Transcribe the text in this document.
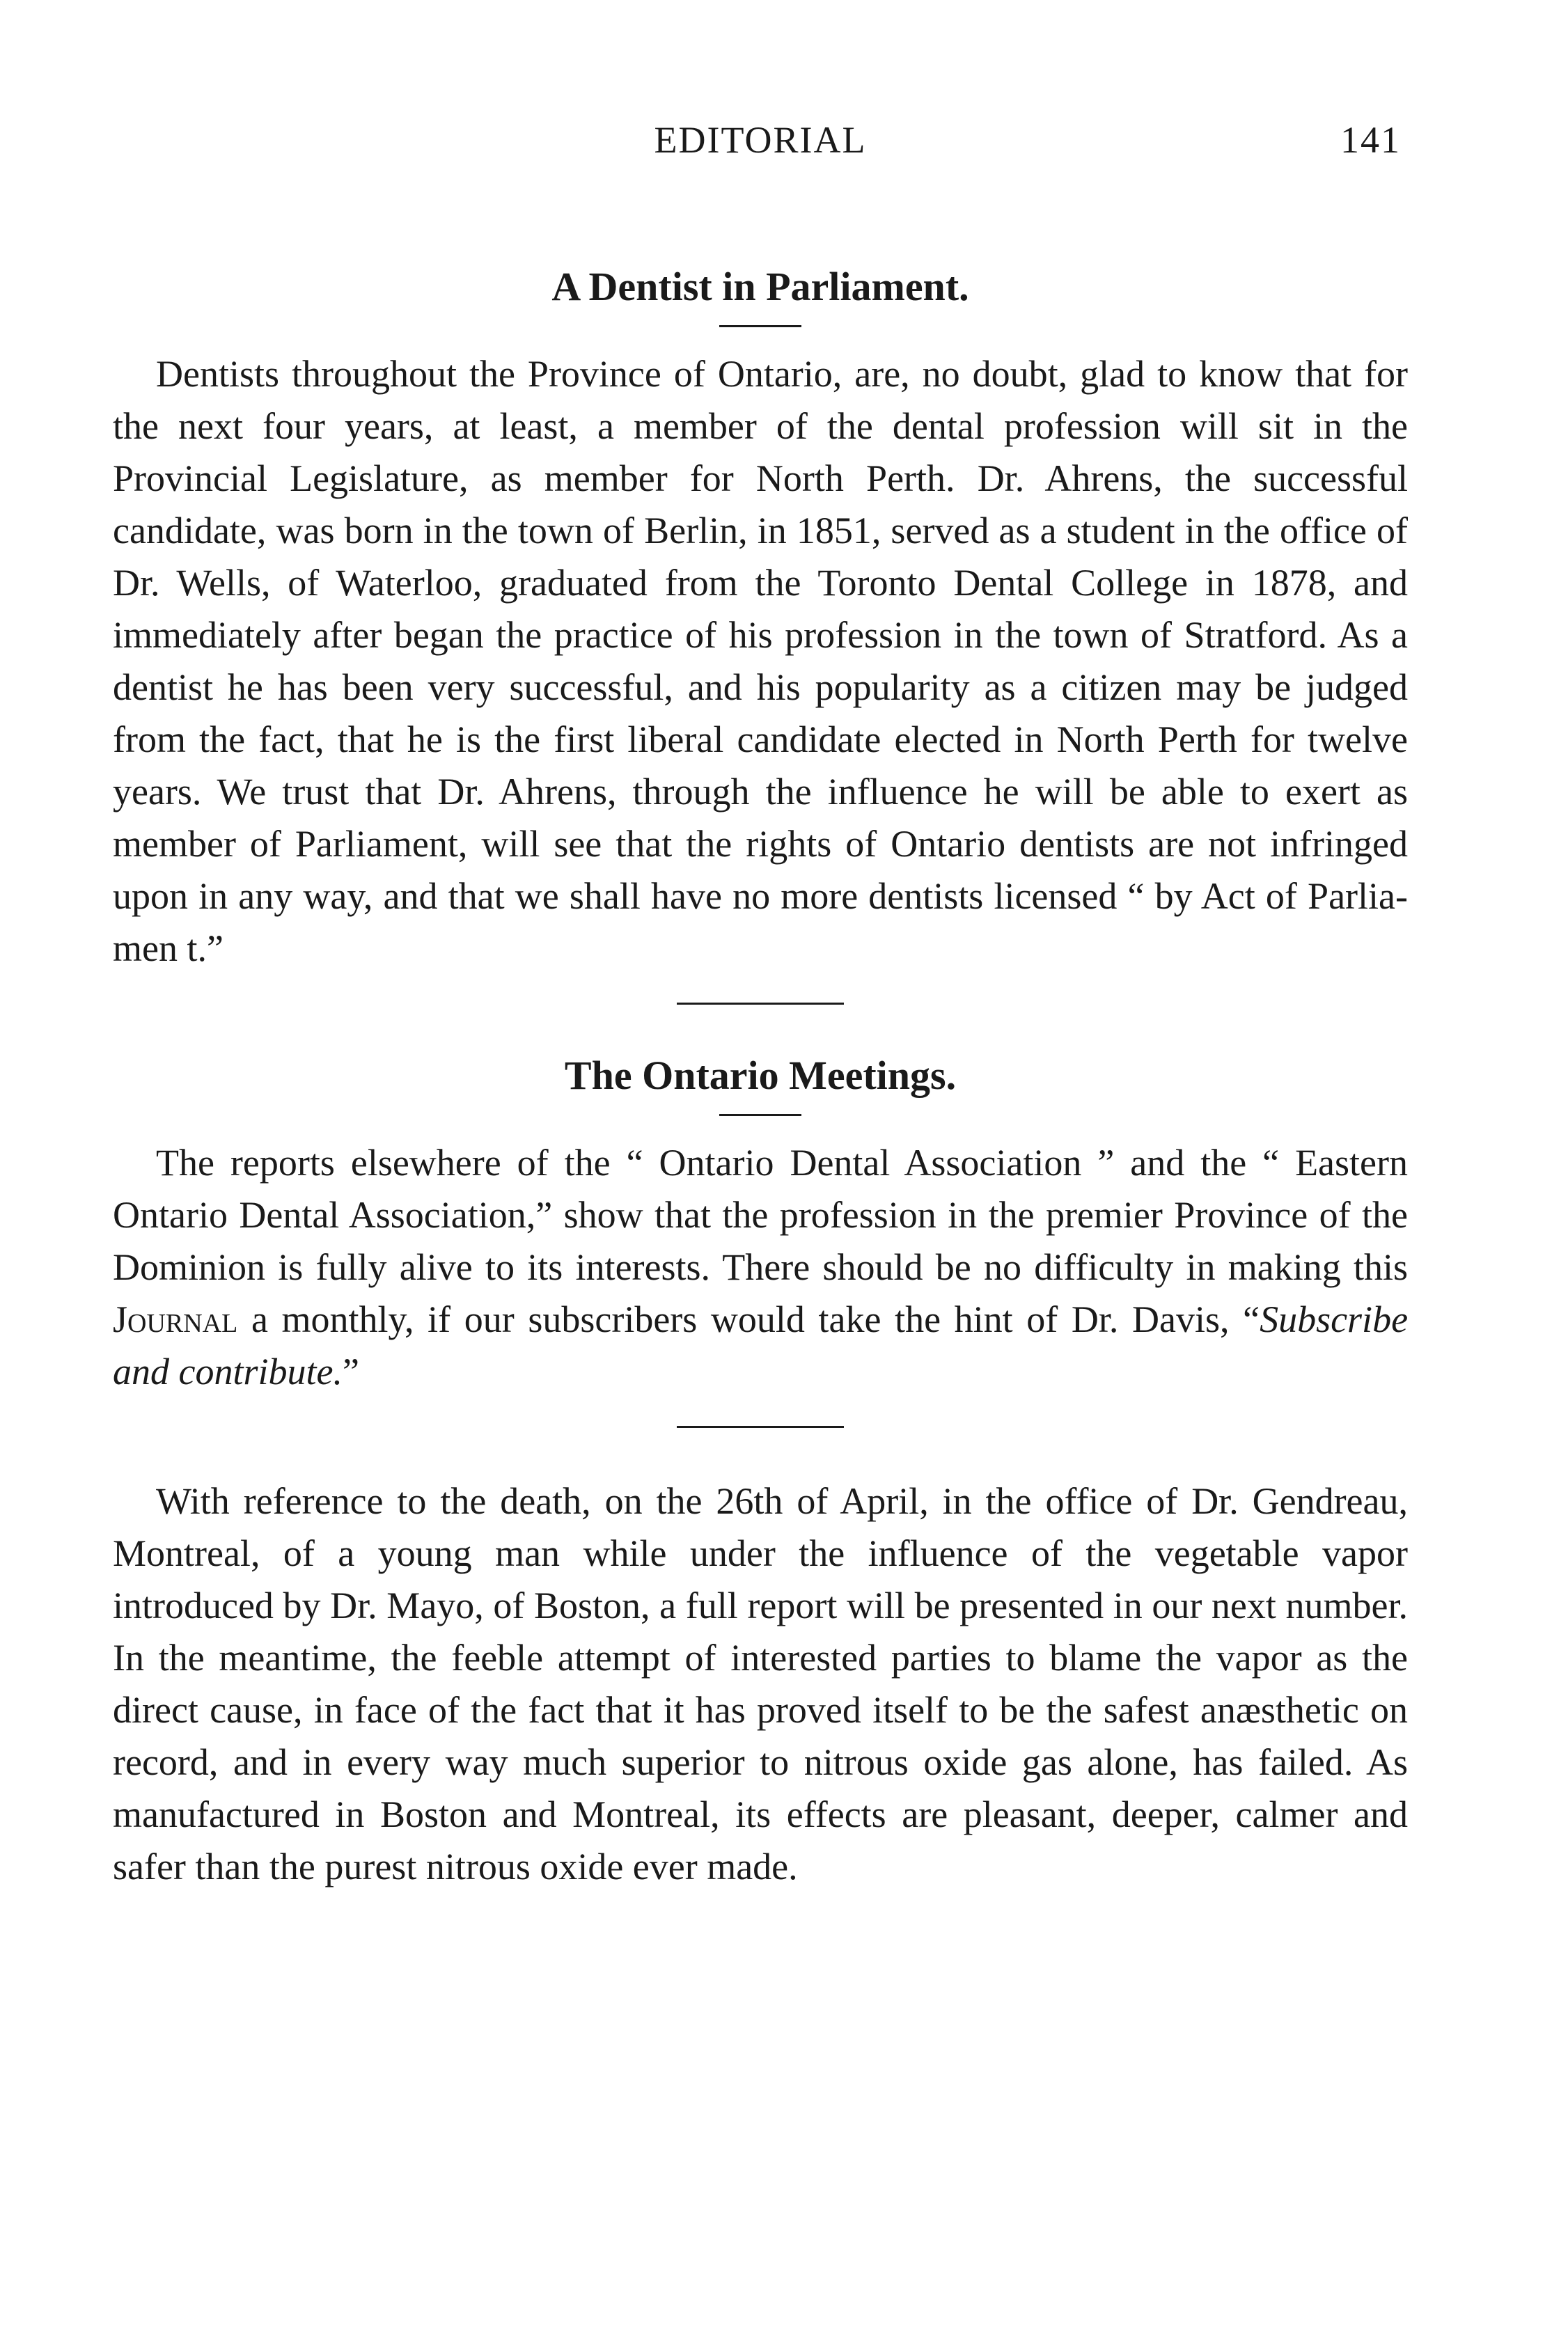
EDITORIAL	141
A Dentist in Parliament.

Dentists throughout the Province of Ontario, are, no doubt, glad to know that for the next four years, at least, a member of the dental profession will sit in the Provincial Legislature, as member for North Perth. Dr. Ahrens, the successful candidate, was born in the town of Berlin, in 1851, served as a student in the office of Dr. Wells, of Waterloo, graduated from the Toronto Dental College in 1878, and immediately after began the practice of his profession in the town of Stratford. As a dentist he has been very successful, and his popularity as a citizen may be judged from the fact, that he is the first liberal candidate elected in North Perth for twelve years. We trust that Dr. Ahrens, through the influence he will be able to exert as member of Parliament, will see that the rights of Ontario dentists are not infringed upon in any way, and that we shall have no more dentists licensed “ by Act of Parliamen t.”

The Ontario Meetings.

The reports elsewhere of the “ Ontario Dental Association ” and the “ Eastern Ontario Dental Association,” show that the profession in the premier Province of the Dominion is fully alive to its interests. There should be no difficulty in making this Journal a monthly, if our subscribers would take the hint of Dr. Davis, “Subscribe and contribute.”

With reference to the death, on the 26th of April, in the office of Dr. Gendreau, Montreal, of a young man while under the influence of the vegetable vapor introduced by Dr. Mayo, of Boston, a full report will be presented in our next number. In the meantime, the feeble attempt of interested parties to blame the vapor as the direct cause, in face of the fact that it has proved itself to be the safest anæsthetic on record, and in every way much superior to nitrous oxide gas alone, has failed. As manufactured in Boston and Montreal, its effects are pleasant, deeper, calmer and safer than the purest nitrous oxide ever made.
